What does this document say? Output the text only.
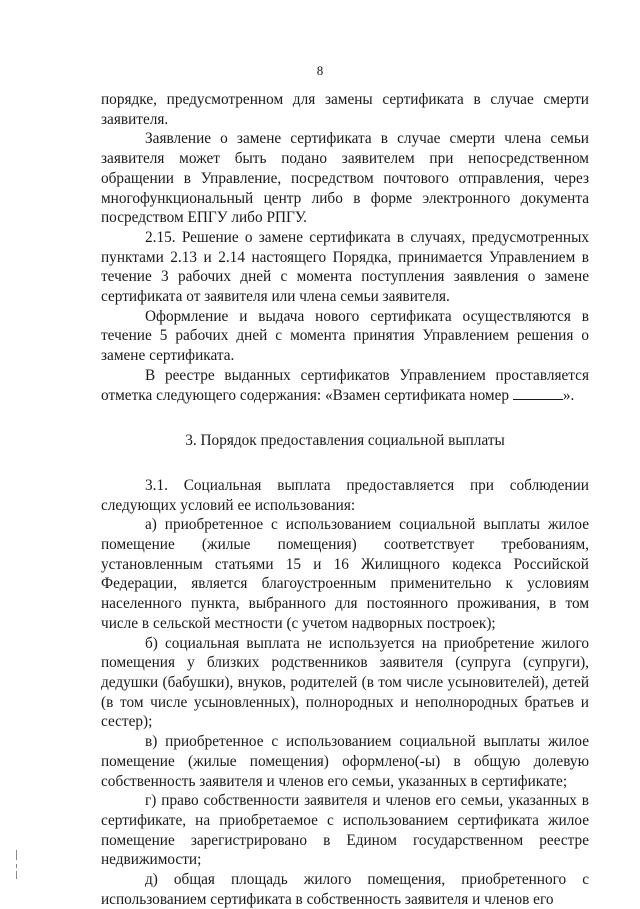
8

порядке, предусмотренном для замены сертификата в случае смерти заявителя.

Заявление о замене сертификата в случае смерти члена семьи заявителя может быть подано заявителем при непосредственном обращении в Управление, посредством почтового отправления, через многофункциональный центр либо в форме электронного документа посредством ЕПГУ либо РПГУ.

2.15. Решение о замене сертификата в случаях, предусмотренных пунктами 2.13 и 2.14 настоящего Порядка, принимается Управлением в течение 3 рабочих дней с момента поступления заявления о замене сертификата от заявителя или члена семьи заявителя.

Оформление и выдача нового сертификата осуществляются в течение 5 рабочих дней с момента принятия Управлением решения о замене сертификата.

В реестре выданных сертификатов Управлением проставляется отметка следующего содержания: «Взамен сертификата номер	».

3. Порядок предоставления социальной выплаты

3.1. Социальная выплата предоставляется при соблюдении следующих условий ее использования:

а) приобретенное с использованием социальной выплаты жилое помещение (жилые помещения) соответствует требованиям, установленным статьями 15 и 16 Жилищного кодекса Российской Федерации, является благоустроенным применительно к условиям населенного пункта, выбранного для постоянного проживания, в том числе в сельской местности (с учетом надворных построек);

б) социальная выплата не используется на приобретение жилого помещения у близких родственников заявителя (супруга (супруги), дедушки (бабушки), внуков, родителей (в том числе усыновителей), детей (в том числе усыновленных), полнородных и неполнородных братьев и сестер);

в) приобретенное с использованием социальной выплаты жилое помещение (жилые помещения) оформлено(-ы) в общую долевую собственность заявителя и членов его семьи, указанных в сертификате;

г) право собственности заявителя и членов его семьи, указанных в сертификате, на приобретаемое с использованием сертификата жилое помещение зарегистрировано в Едином государственном реестре недвижимости;

д) общая площадь жилого помещения, приобретенного с использованием сертификата в собственность заявителя и членов его
